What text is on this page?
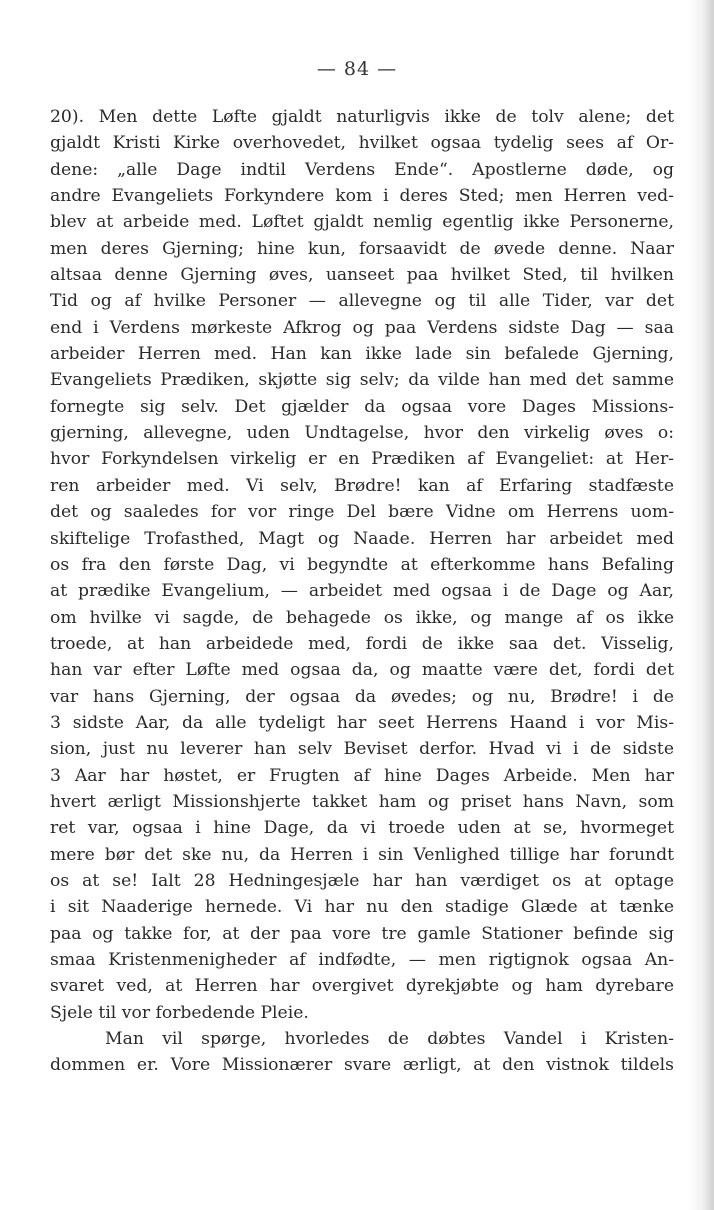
— 84 —
20). Men dette Løfte gjaldt naturligvis ikke de tolv alene; det
gjaldt Kristi Kirke overhovedet, hvilket ogsaa tydelig sees af Or-
dene: „alle Dage indtil Verdens Ende“. Apostlerne døde, og
andre Evangeliets Forkyndere kom i deres Sted; men Herren ved-
blev at arbeide med. Løftet gjaldt nemlig egentlig ikke Personerne,
men deres Gjerning; hine kun, forsaavidt de øvede denne. Naar
altsaa denne Gjerning øves, uanseet paa hvilket Sted, til hvilken
Tid og af hvilke Personer — allevegne og til alle Tider, var det
end i Verdens mørkeste Afkrog og paa Verdens sidste Dag — saa
arbeider Herren med. Han kan ikke lade sin befalede Gjerning,
Evangeliets Prædiken, skjøtte sig selv; da vilde han med det samme
fornegte sig selv. Det gjælder da ogsaa vore Dages Missions-
gjerning, allevegne, uden Undtagelse, hvor den virkelig øves o:
hvor Forkyndelsen virkelig er en Prædiken af Evangeliet: at Her-
ren arbeider med. Vi selv, Brødre! kan af Erfaring stadfæste
det og saaledes for vor ringe Del bære Vidne om Herrens uom-
skiftelige Trofasthed, Magt og Naade. Herren har arbeidet med
os fra den første Dag, vi begyndte at efterkomme hans Befaling
at prædike Evangelium, — arbeidet med ogsaa i de Dage og Aar,
om hvilke vi sagde, de behagede os ikke, og mange af os ikke
troede, at han arbeidede med, fordi de ikke saa det. Visselig,
han var efter Løfte med ogsaa da, og maatte være det, fordi det
var hans Gjerning, der ogsaa da øvedes; og nu, Brødre! i de
3 sidste Aar, da alle tydeligt har seet Herrens Haand i vor Mis-
sion, just nu leverer han selv Beviset derfor. Hvad vi i de sidste
3 Aar har høstet, er Frugten af hine Dages Arbeide. Men har
hvert ærligt Missionshjerte takket ham og priset hans Navn, som
ret var, ogsaa i hine Dage, da vi troede uden at se, hvormeget
mere bør det ske nu, da Herren i sin Venlighed tillige har forundt
os at se! Ialt 28 Hedningesjæle har han værdiget os at optage
i sit Naaderige hernede. Vi har nu den stadige Glæde at tænke
paa og takke for, at der paa vore tre gamle Stationer befinde sig
smaa Kristenmenigheder af indfødte, — men rigtignok ogsaa An-
svaret ved, at Herren har overgivet dyrekjøbte og ham dyrebare
Sjele til vor forbedende Pleie.
Man vil spørge, hvorledes de døbtes Vandel i Kristen-
dommen er. Vore Missionærer svare ærligt, at den vistnok tildels
